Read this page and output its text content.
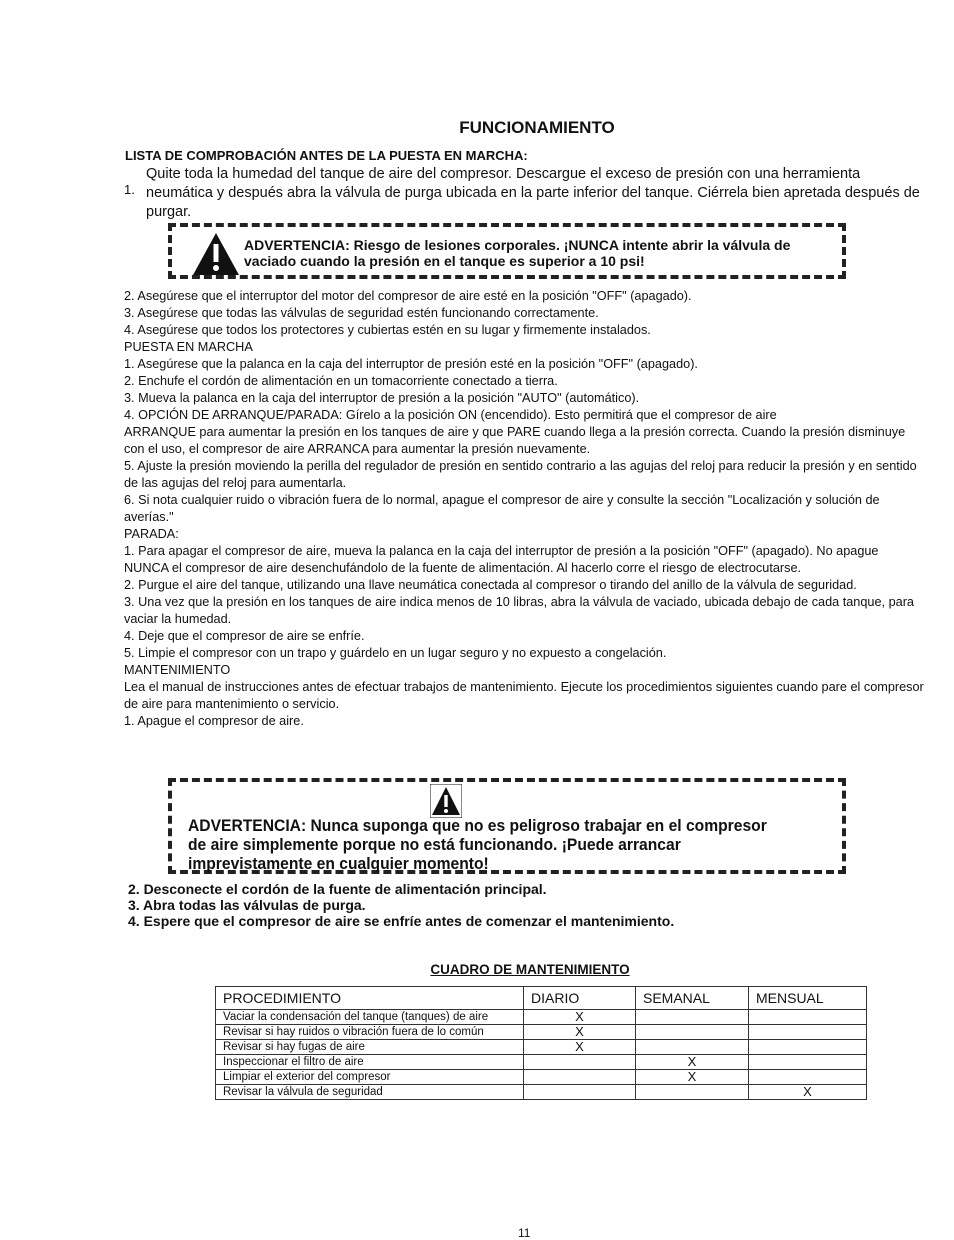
FUNCIONAMIENTO
LISTA DE COMPROBACIÓN ANTES DE LA PUESTA EN MARCHA:
1.
Quite toda la humedad del tanque de aire del compresor. Descargue el exceso de presión con una herramienta neumática y después abra la válvula de purga ubicada en la parte inferior del tanque. Ciérrela bien apretada después de purgar.
ADVERTENCIA: Riesgo de lesiones corporales. ¡NUNCA intente abrir la válvula de vaciado cuando la presión en el tanque es superior a 10 psi!
2. Asegúrese que el interruptor del motor del compresor de aire esté en la posición "OFF" (apagado).
3. Asegúrese que todas las válvulas de seguridad estén funcionando correctamente.
4. Asegúrese que todos los protectores y cubiertas estén en su lugar y firmemente instalados.
PUESTA EN MARCHA
1. Asegúrese que la palanca en la caja del interruptor de presión esté en la posición "OFF" (apagado).
2. Enchufe el cordón de alimentación en un tomacorriente conectado a tierra.
3. Mueva la palanca en la caja del interruptor de presión a la posición "AUTO" (automático).
4. OPCIÓN DE ARRANQUE/PARADA: Gírelo a la posición ON (encendido). Esto permitirá que el compresor de aire
ARRANQUE para aumentar la presión en los tanques de aire y que PARE cuando llega a la presión correcta. Cuando la presión disminuye con el uso, el compresor de aire ARRANCA para aumentar la presión nuevamente.
5. Ajuste la presión moviendo la perilla del regulador de presión en sentido contrario a las agujas del reloj para reducir la presión y en sentido de las agujas del reloj para aumentarla.
6. Si nota cualquier ruido o vibración fuera de lo normal, apague el compresor de aire y consulte la sección "Localización y solución de averías."
PARADA:
1. Para apagar el compresor de aire, mueva la palanca en la caja del interruptor de presión a la posición "OFF" (apagado). No apague NUNCA el compresor de aire desenchufándolo de la fuente de alimentación. Al hacerlo corre el riesgo de electrocutarse.
2. Purgue el aire del tanque, utilizando una llave neumática conectada al compresor o tirando del anillo de la válvula de seguridad.
3. Una vez que la presión en los tanques de aire indica menos de 10 libras, abra la válvula de vaciado, ubicada debajo de cada tanque, para vaciar la humedad.
4. Deje que el compresor de aire se enfríe.
5. Limpie el compresor con un trapo y guárdelo en un lugar seguro y no expuesto a congelación.
MANTENIMIENTO
Lea el manual de instrucciones antes de efectuar trabajos de mantenimiento. Ejecute los procedimientos siguientes cuando pare el compresor de aire para mantenimiento o servicio.
1. Apague el compresor de aire.
ADVERTENCIA: Nunca suponga que no es peligroso trabajar en el compresor de aire simplemente porque no está funcionando. ¡Puede arrancar imprevistamente en cualquier momento!
2. Desconecte el cordón de la fuente de alimentación principal.
3. Abra todas las válvulas de purga.
4. Espere que el compresor de aire se enfríe antes de comenzar el mantenimiento.
CUADRO DE MANTENIMIENTO
PROCEDIMIENTO	DIARIO	SEMANAL	MENSUAL
Vaciar la condensación del tanque (tanques) de aire	X		
Revisar si hay ruidos o vibración fuera de lo común	X		
Revisar si hay fugas de aire	X		
Inspeccionar el filtro de aire		X	
Limpiar el exterior del compresor		X	
Revisar la válvula de seguridad			X
11
